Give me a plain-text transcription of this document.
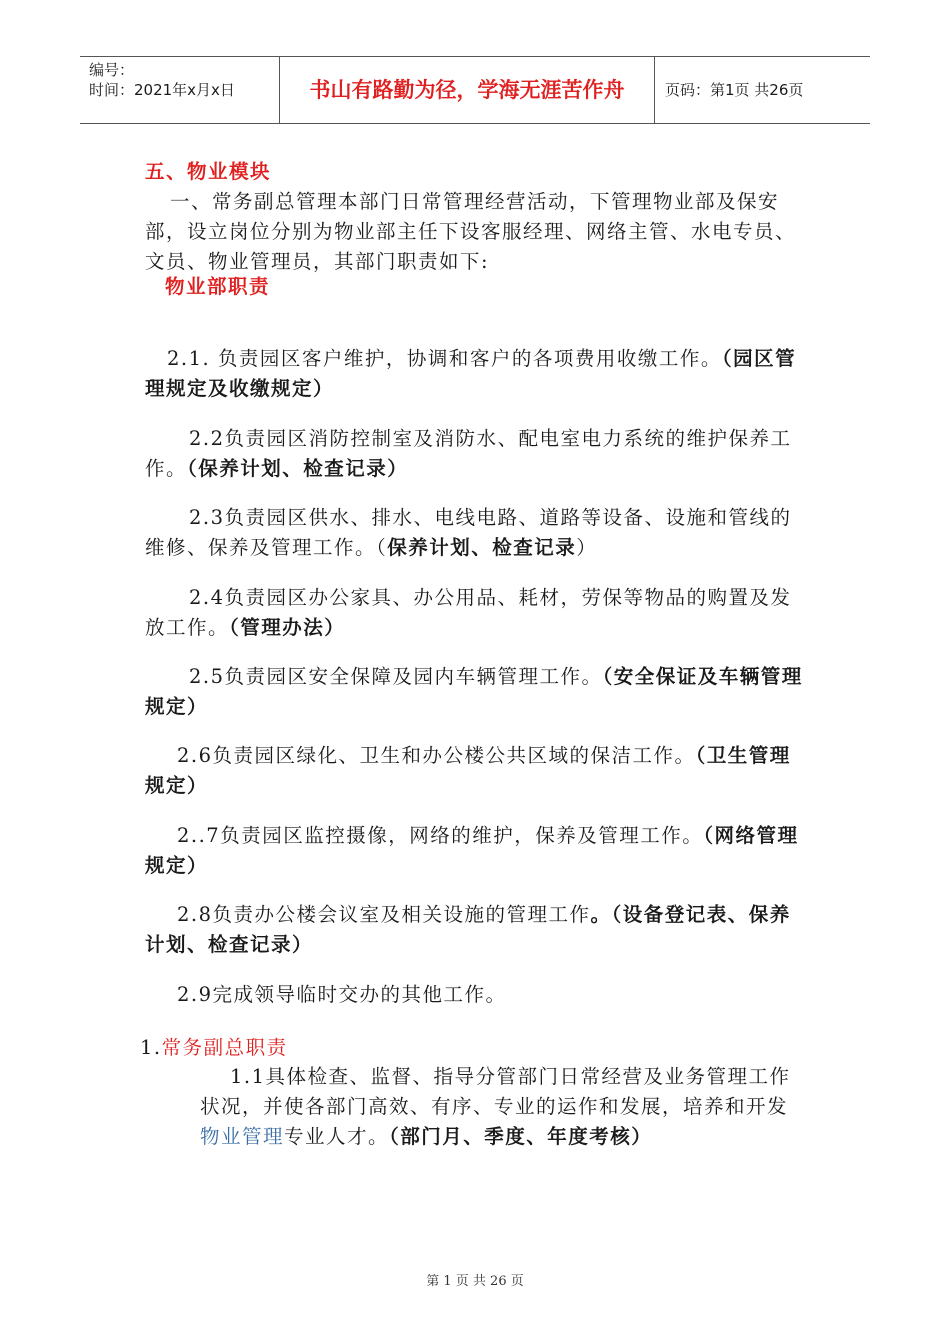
编号：
时间：2021年x月x日	书山有路勤为径，学海无涯苦作舟	页码：第1页 共26页
五、物业模块
一、常务副总管理本部门日常管理经营活动，下管理物业部及保安部，设立岗位分别为物业部主任下设客服经理、网络主管、水电专员、文员、物业管理员，其部门职责如下:
物业部职责
2.1. 负责园区客户维护，协调和客户的各项费用收缴工作。（园区管理规定及收缴规定）
2.2负责园区消防控制室及消防水、配电室电力系统的维护保养工作。（保养计划、检查记录）
2.3负责园区供水、排水、电线电路、道路等设备、设施和管线的维修、保养及管理工作。（保养计划、检查记录）
2.4负责园区办公家具、办公用品、耗材，劳保等物品的购置及发放工作。（管理办法）
2.5负责园区安全保障及园内车辆管理工作。（安全保证及车辆管理规定）
2.6负责园区绿化、卫生和办公楼公共区域的保洁工作。（卫生管理规定）
2..7负责园区监控摄像，网络的维护，保养及管理工作。（网络管理规定）
2.8负责办公楼会议室及相关设施的管理工作。（设备登记表、保养计划、检查记录）
2.9完成领导临时交办的其他工作。
1.常务副总职责
1.1具体检查、监督、指导分管部门日常经营及业务管理工作状况，并使各部门高效、有序、专业的运作和发展，培养和开发物业管理专业人才。（部门月、季度、年度考核）
第 1 页 共 26 页
